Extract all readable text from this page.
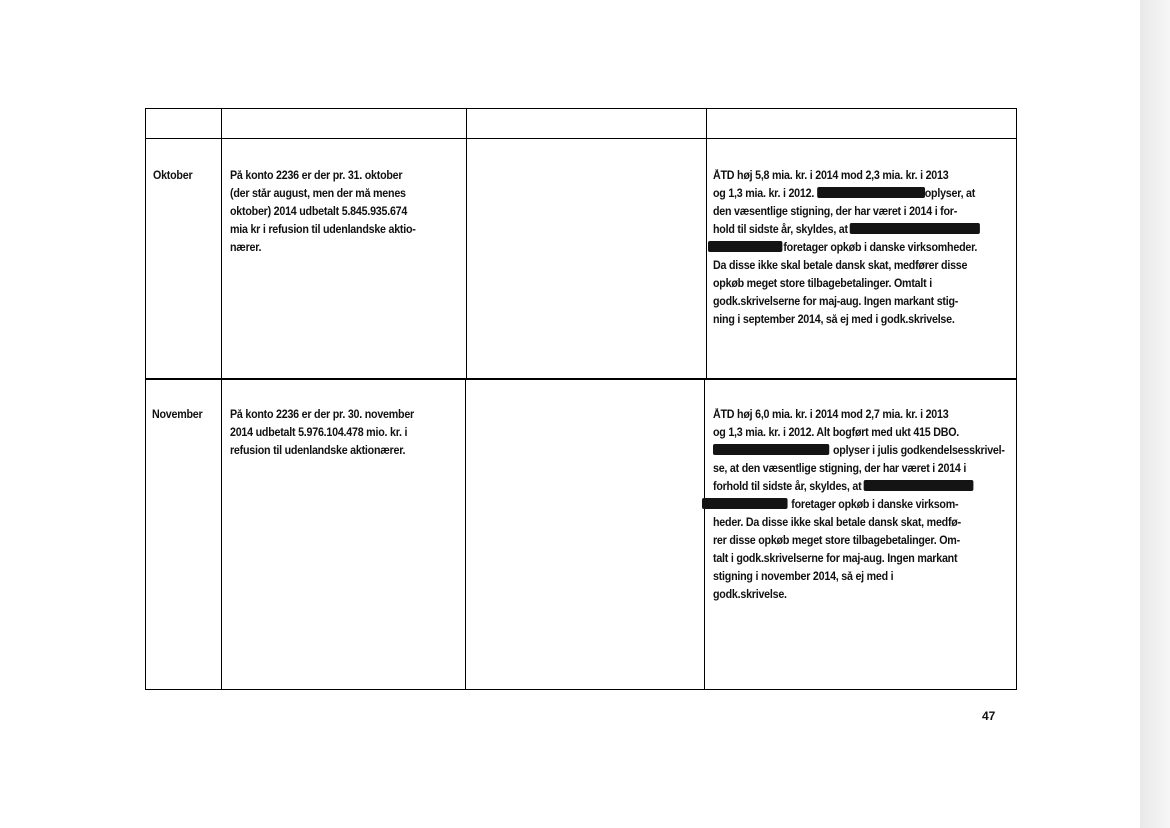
Oktober	På konto 2236 er der pr. 31. oktober
(der står august, men der må menes
oktober) 2014 udbetalt 5.845.935.674
mia kr i refusion til udenlandske aktio-
nærer.
ÅTD høj 5,8 mia. kr. i 2014 mod 2,3 mia. kr. i 2013
og 1,3 mia. kr. i 2012.	oplyser, at
den væsentlige stigning, der har været i 2014 i for-
hold til sidste år, skyldes, at
foretager opkøb i danske virksomheder.
Da disse ikke skal betale dansk skat, medfører disse
opkøb meget store tilbagebetalinger. Omtalt i
godk.skrivelserne for maj-aug. Ingen markant stig-
ning i september 2014, så ej med i godk.skrivelse.
November På konto 2236 er der pr. 30. november
2014 udbetalt 5.976.104.478 mio. kr. i
refusion til udenlandske aktionærer.
ÅTD høj 6,0 mia. kr. i 2014 mod 2,7 mia. kr. i 2013
og 1,3 mia. kr. i 2012. Alt bogført med ukt 415 DBO.
oplyser i julis godkendelsesskrivel-
se, at den væsentlige stigning, der har været i 2014 i
forhold til sidste år, skyldes, at
foretager opkøb i danske virksom-
heder. Da disse ikke skal betale dansk skat, medfø-
rer disse opkøb meget store tilbagebetalinger. Om-
talt i godk.skrivelserne for maj-aug. Ingen markant
stigning i november 2014, så ej med i
godk.skrivelse.
47
